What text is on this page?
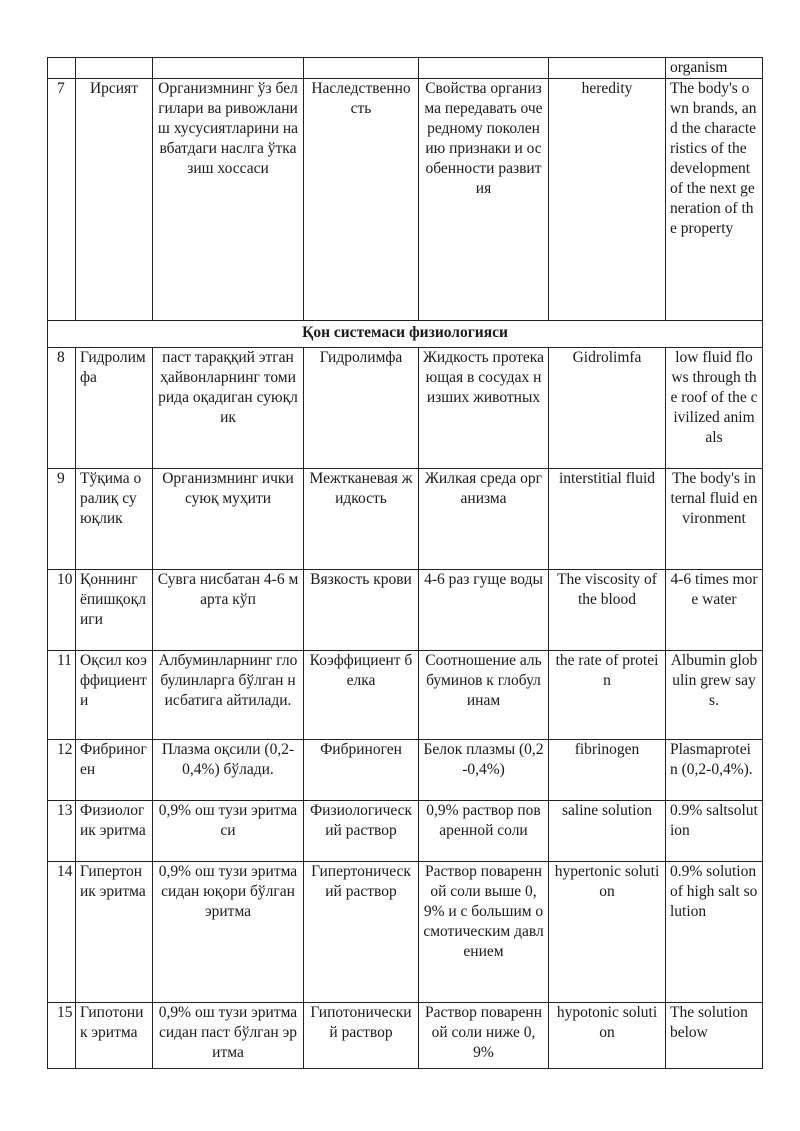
						organism
7	Ирсият	Организмнинг ўз белгилари ва ривожланиш хусусиятларини навбатдаги наслга ўтказиш хоссаси	Наследственность	Свойства организма передавать очередному поколению признаки и особенности развития	heredity	The body's own brands, and the characteristics of the development of the next generation of the property
Қон системаси физиологияси						
8	Гидролимфа	паст тараққий этган ҳайвонларнинг томирида оқадиган суюқлик	Гидролимфа	Жидкость протекающая в сосудах низших животных	Gidrolimfa	low fluid flows through the roof of the civilized animals
9	Тўқима оралиқ суюқлик	Организмнинг ички суюқ муҳити	Межтканевая жидкость	Жилкая среда организма	interstitial fluid	The body's internal fluid environment
10	Қоннинг ёпишқоқлиги	Сувга нисбатан 4-6 марта кўп	Вязкость крови	4-6 раз гуще воды	The viscosity of the blood	4-6 times more water
11	Оқсил коэффициенти	Албуминларнинг глобулинларга бўлган нисбатига айтилади.	Коэффициент белка	Соотношение альбуминов к глобулинам	the rate of protein	Albumin globulin grew says.
12	Фибриноген	Плазма оқсили (0,2-0,4%) бўлади.	Фибриноген	Белок плазмы (0,2-0,4%)	fibrinogen	Plasmaprotein (0,2-0,4%).
13	Физиологик эритма	0,9% ош тузи эритмаси	Физиологический раствор	0,9% раствор поваренной соли	saline solution	0.9% saltsolution
14	Гипертоник эритма	0,9% ош тузи эритмасидан юқори бўлган эритма	Гипертонический раствор	Раствор поваренной соли выше 0,9% и с большим осмотическим давлением	hypertonic solution	0.9% solution of high salt solution
15	Гипотоник эритма	0,9% ош тузи эритмасидан паст бўлган эритма	Гипотонический раствор	Раствор поваренной соли ниже 0,9%	hypotonic solution	The solution below
